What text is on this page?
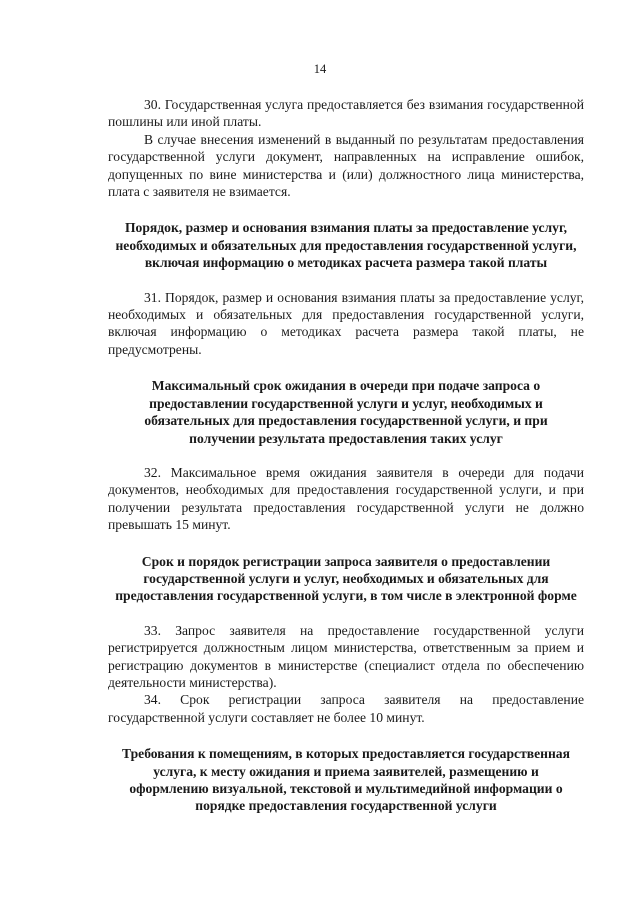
14

30. Государственная услуга предоставляется без взимания государственной пошлины или иной платы.

В случае внесения изменений в выданный по результатам предоставления государственной услуги документ, направленных на исправление ошибок, допущенных по вине министерства и (или) должностного лица министерства, плата с заявителя не взимается.

Порядок, размер и основания взимания платы за предоставление услуг, необходимых и обязательных для предоставления государственной услуги, включая информацию о методиках расчета размера такой платы

31. Порядок, размер и основания взимания платы за предоставление услуг, необходимых и обязательных для предоставления государственной услуги, включая информацию о методиках расчета размера такой платы, не предусмотрены.

Максимальный срок ожидания в очереди при подаче запроса о предоставлении государственной услуги и услуг, необходимых и обязательных для предоставления государственной услуги, и при получении результата предоставления таких услуг

32. Максимальное время ожидания заявителя в очереди для подачи документов, необходимых для предоставления государственной услуги, и при получении результата предоставления государственной услуги не должно превышать 15 минут.

Срок и порядок регистрации запроса заявителя о предоставлении государственной услуги и услуг, необходимых и обязательных для предоставления государственной услуги, в том числе в электронной форме

33. Запрос заявителя на предоставление государственной услуги регистрируется должностным лицом министерства, ответственным за прием и регистрацию документов в министерстве (специалист отдела по обеспечению деятельности министерства).

34. Срок регистрации запроса заявителя на предоставление государственной услуги составляет не более 10 минут.

Требования к помещениям, в которых предоставляется государственная услуга, к месту ожидания и приема заявителей, размещению и оформлению визуальной, текстовой и мультимедийной информации о порядке предоставления государственной услуги
